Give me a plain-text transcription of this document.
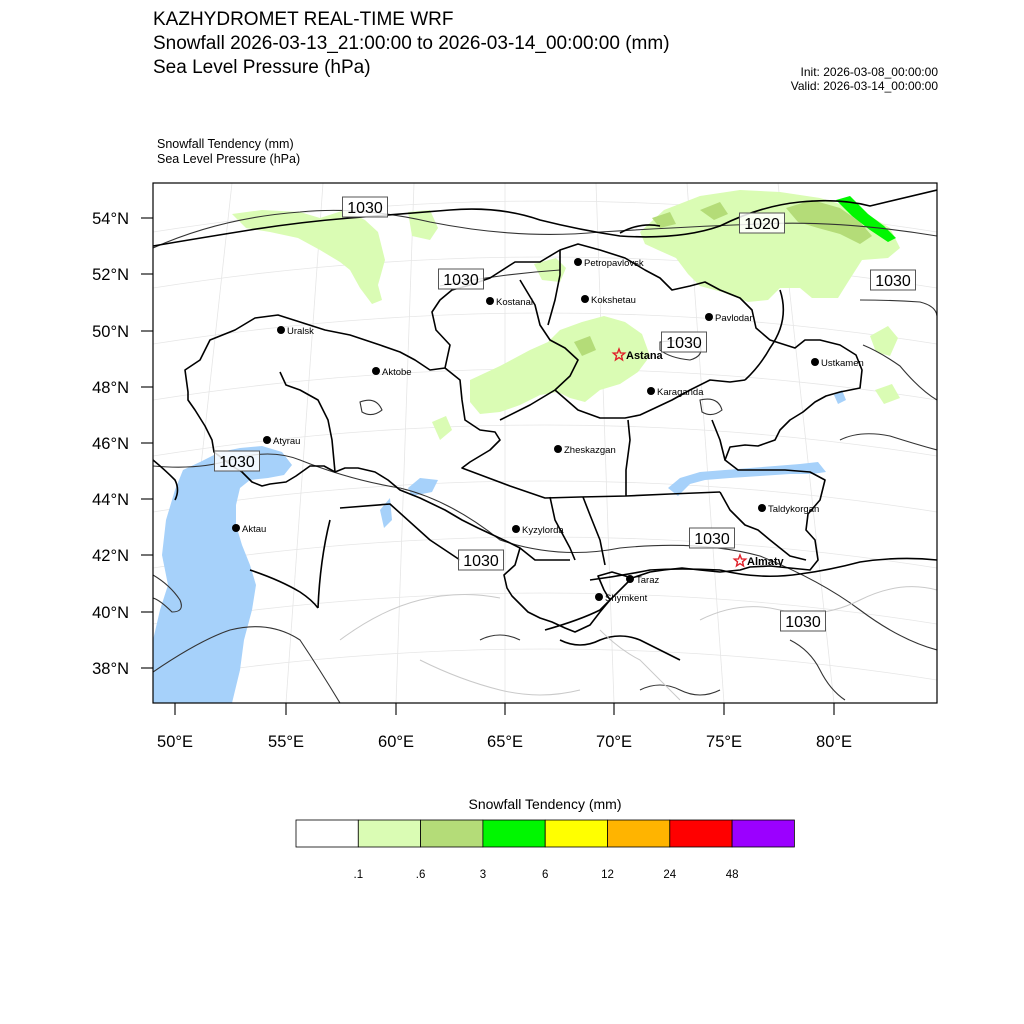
KAZHYDROMET REAL-TIME WRF
Snowfall 2026-03-13_21:00:00 to 2026-03-14_00:00:00 (mm)
Sea Level Pressure (hPa)	Init: 2026-03-08_00:00:00
Valid: 2026-03-14_00:00:00
Snowfall Tendency (mm)
Sea Level Pressure (hPa)
54°N
52°N
50°N
48°N
46°N
44°N
42°N
40°N
38°N
50°E	55°E	60°E	65°E	70°E	75°E	80°E
1030
1020
1030	1030
1030
1030
1030
1030
1030
Petropavlovsk
Kostanai	Kokshetau
Pavlodar
Uralsk
Aktobe
Astana
Ustkamen
Karaganda
Atyrau
Zheskazgan
Aktau
Taldykorgan
Kyzylorda
Almaty
Taraz
Shymkent
Snowfall Tendency (mm)
.1	.6	3	6	12	24	48
